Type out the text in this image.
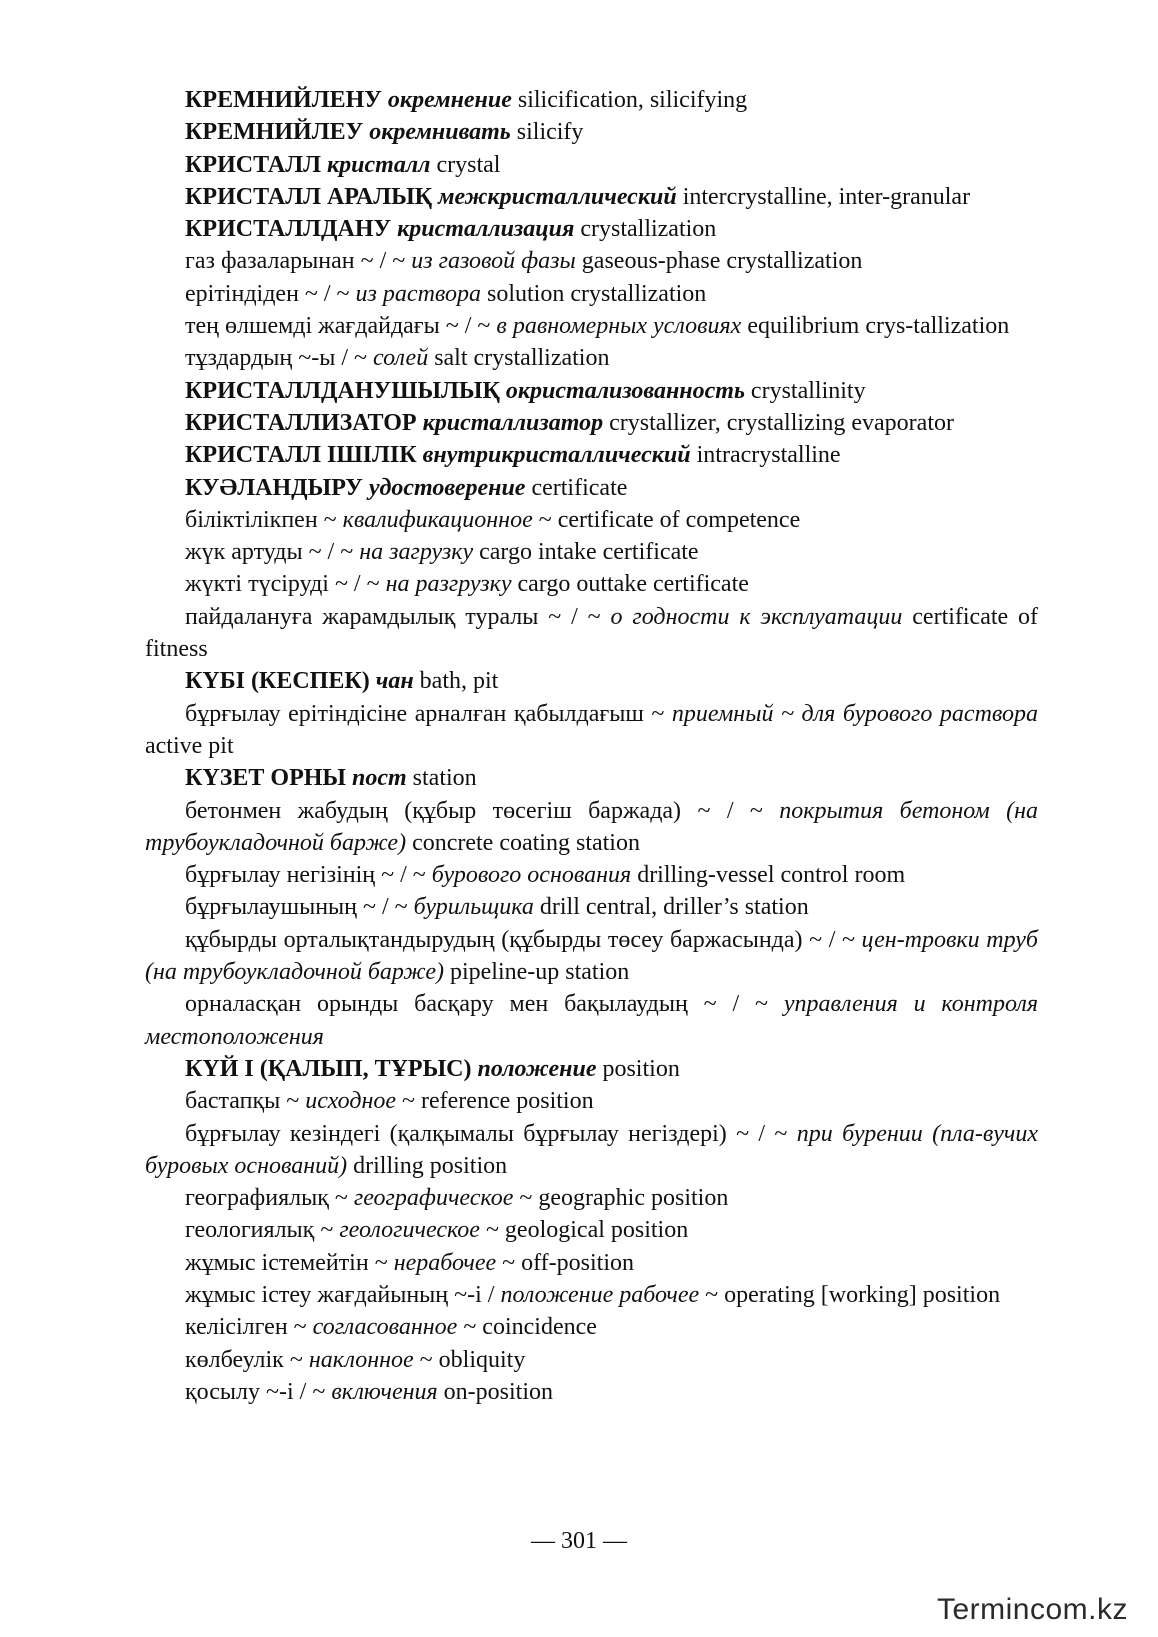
КРЕМНИЙЛЕНУ окремнение silicification, silicifying

КРЕМНИЙЛЕУ окремнивать silicify

КРИСТАЛЛ кристалл crystal

КРИСТАЛЛ АРАЛЫҚ межкристаллический intercrystalline, inter-granular

КРИСТАЛЛДАНУ кристаллизация crystallization

газ фазаларынан ~ / ~ из газовой фазы gaseous-phase crystallization

ерітіндіден ~ / ~ из раствора solution crystallization

тең өлшемді жағдайдағы ~ / ~ в равномерных условиях equilibrium crys-tallization

тұздардың ~-ы / ~ солей salt crystallization

КРИСТАЛЛДАНУШЫЛЫҚ окристализованность crystallinity

КРИСТАЛЛИЗАТОР кристаллизатор crystallizer, crystallizing evaporator

КРИСТАЛЛ ІШІЛІК внутрикристаллический intracrystalline

КУӘЛАНДЫРУ удостоверение certificate

біліктілікпен ~ квалификационное ~ certificate of competence

жүк артуды ~ / ~ на загрузку cargo intake certificate

жүкті түсіруді ~ / ~ на разгрузку cargo outtake certificate

пайдалануға жарамдылық туралы ~ / ~ о годности к эксплуатации certificate of fitness

КҮБІ (КЕСПЕК) чан bath, pit

бұрғылау ерітіндісіне арналған қабылдағыш ~ приемный ~ для бурового раствора active pit

КҮЗЕТ ОРНЫ пост station

бетонмен жабудың (құбыр төсегіш баржада) ~ / ~ покрытия бетоном (на трубоукладочной барже) concrete coating station

бұрғылау негізінің ~ / ~ бурового основания drilling-vessel control room

бұрғылаушының ~ / ~ бурильщика drill central, driller’s station

құбырды орталықтандырудың (құбырды төсеу баржасында) ~ / ~ цен-тровки труб (на трубоукладочной барже) pipeline-up station

орналасқан орынды басқару мен бақылаудың ~ / ~ управления и контроля местоположения

КҮЙ І (ҚАЛЫП, ТҰРЫС) положение position

бастапқы ~ исходное ~ reference position

бұрғылау кезіндегі (қалқымалы бұрғылау негіздері) ~ / ~ при бурении (пла-вучих буровых оснований) drilling position

географиялық ~ географическое ~ geographic position

геологиялық ~ геологическое ~ geological position

жұмыс істемейтін ~ нерабочее ~ off-position

жұмыс істеу жағдайының ~-і / положение рабочее ~ operating [working] position

келісілген ~ согласованное ~ coincidence

көлбеулік ~ наклонное ~ obliquity

қосылу ~-і / ~ включения on-position

— 301 —
Termincom.kz
